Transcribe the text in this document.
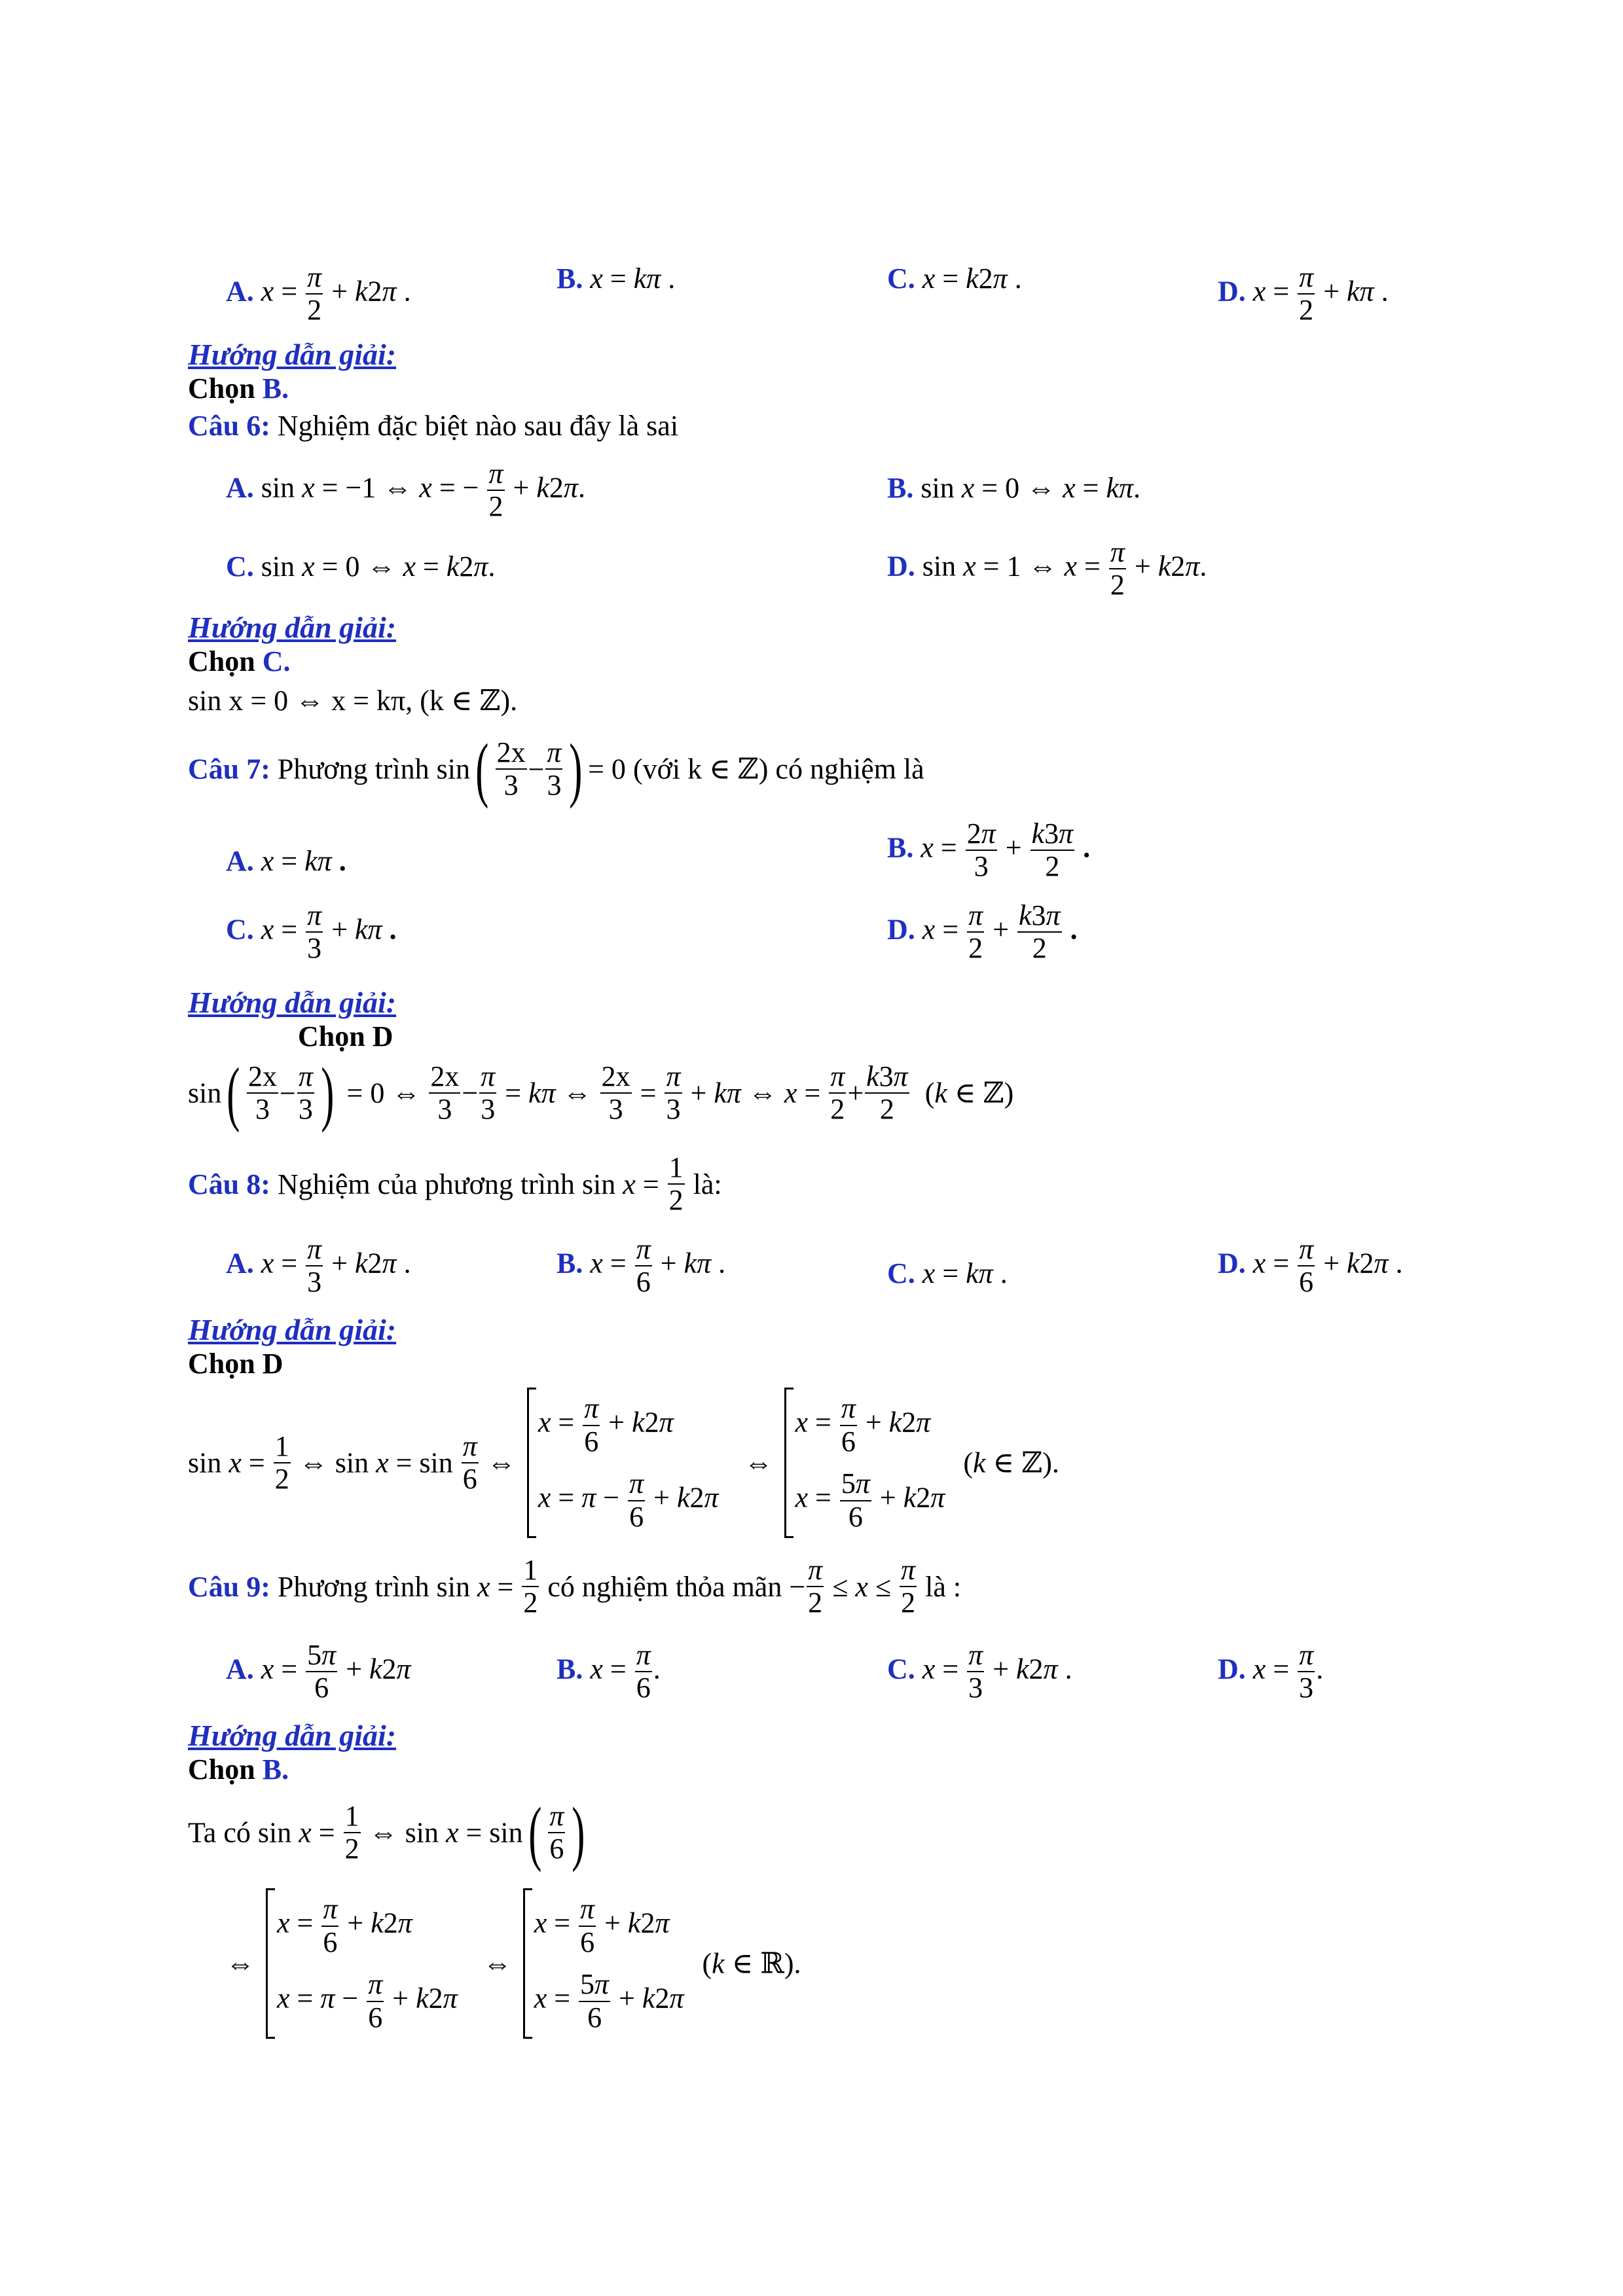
A. $x = \frac{\pi}{2} + k2\pi$ .	B. x = kπ .	C. x = k2π .	D. $x = \frac{\pi}{2} + k\pi$ .
Hướng dẫn giải:
Chọn B.
Câu 6: Nghiệm đặc biệt nào sau đây là sai
A. sin x = −1 ⇔ x = − $\frac{\pi}{2} + k2\pi$.	B. sin x = 0 ⇔ x = kπ.
C. sin x = 0 ⇔ x = k2π.	D. sin x = 1 ⇔ $x = \frac{\pi}{2} + k2\pi$.
Hướng dẫn giải:
Chọn C.
sin x = 0 ⇔ x = kπ, (k ∈ ℤ).
Câu 7: Phương trình sin ( 2x
3 −
π
3 ) = 0 (với k ∈ ℤ) có nghiệm là
A. x = kπ .	B. $x = \frac{2\pi}{3} + \frac{k3\pi}{2}$ .
C. $x = \frac{\pi}{3} + k\pi$ .	D. $x = \frac{\pi}{2} + \frac{k3\pi}{2}$ .
Hướng dẫn giải:
Chọn D
sin ( 2x
3 −
π
3 ) = 0 ⇔ $\frac{2x}{3} - \frac{\pi}{3} = k\pi$ ⇔ $\frac{2x}{3} = \frac{\pi}{3} + k\pi$ ⇔ $x = \frac{\pi}{2} + \frac{k3\pi}{2} (k$ ∈ ℤ)
Câu 8: Nghiệm của phương trình $\sin x = \frac{1}{2}$ là:
A. $x = \frac{\pi}{3} + k2\pi$ .	B. $x = \frac{\pi}{6} + k\pi$ .	C. x = kπ .	D. $x = \frac{\pi}{6} + k2\pi$ .
Hướng dẫn giải:
Chọn D
$\sin x = \frac{1}{2}$ ⇔ $\sin x = \sin \frac{\pi}{6}$ ⇔
$x = \frac{\pi}{6} + k2\pi$
$x = \pi - \frac{\pi}{6} + k2\pi$
⇔
$x = \frac{\pi}{6} + k2\pi$
$x = \frac{5\pi}{6} + k2\pi$
(k ∈ ℤ).
Câu 9: Phương trình $\sin x = \frac{1}{2}$ có nghiệm thỏa mãn − $\frac{\pi}{2} \le x \le \frac{\pi}{2}$ là :
A. $x = \frac{5\pi}{6} + k2\pi$	B. $x = \frac{\pi}{6}$ .	C. $x = \frac{\pi}{3} + k2\pi$ .	D. $x = \frac{\pi}{3}$ .
Hướng dẫn giải:
Chọn B.
Ta có $\sin x = \frac{1}{2}$ ⇔ sin x = sin ( π
6 )
⇔
$x = \frac{\pi}{6} + k2\pi$
$x = \pi - \frac{\pi}{6} + k2\pi$
⇔
$x = \frac{\pi}{6} + k2\pi$
$x = \frac{5\pi}{6} + k2\pi$
(k ∈ ℝ).
